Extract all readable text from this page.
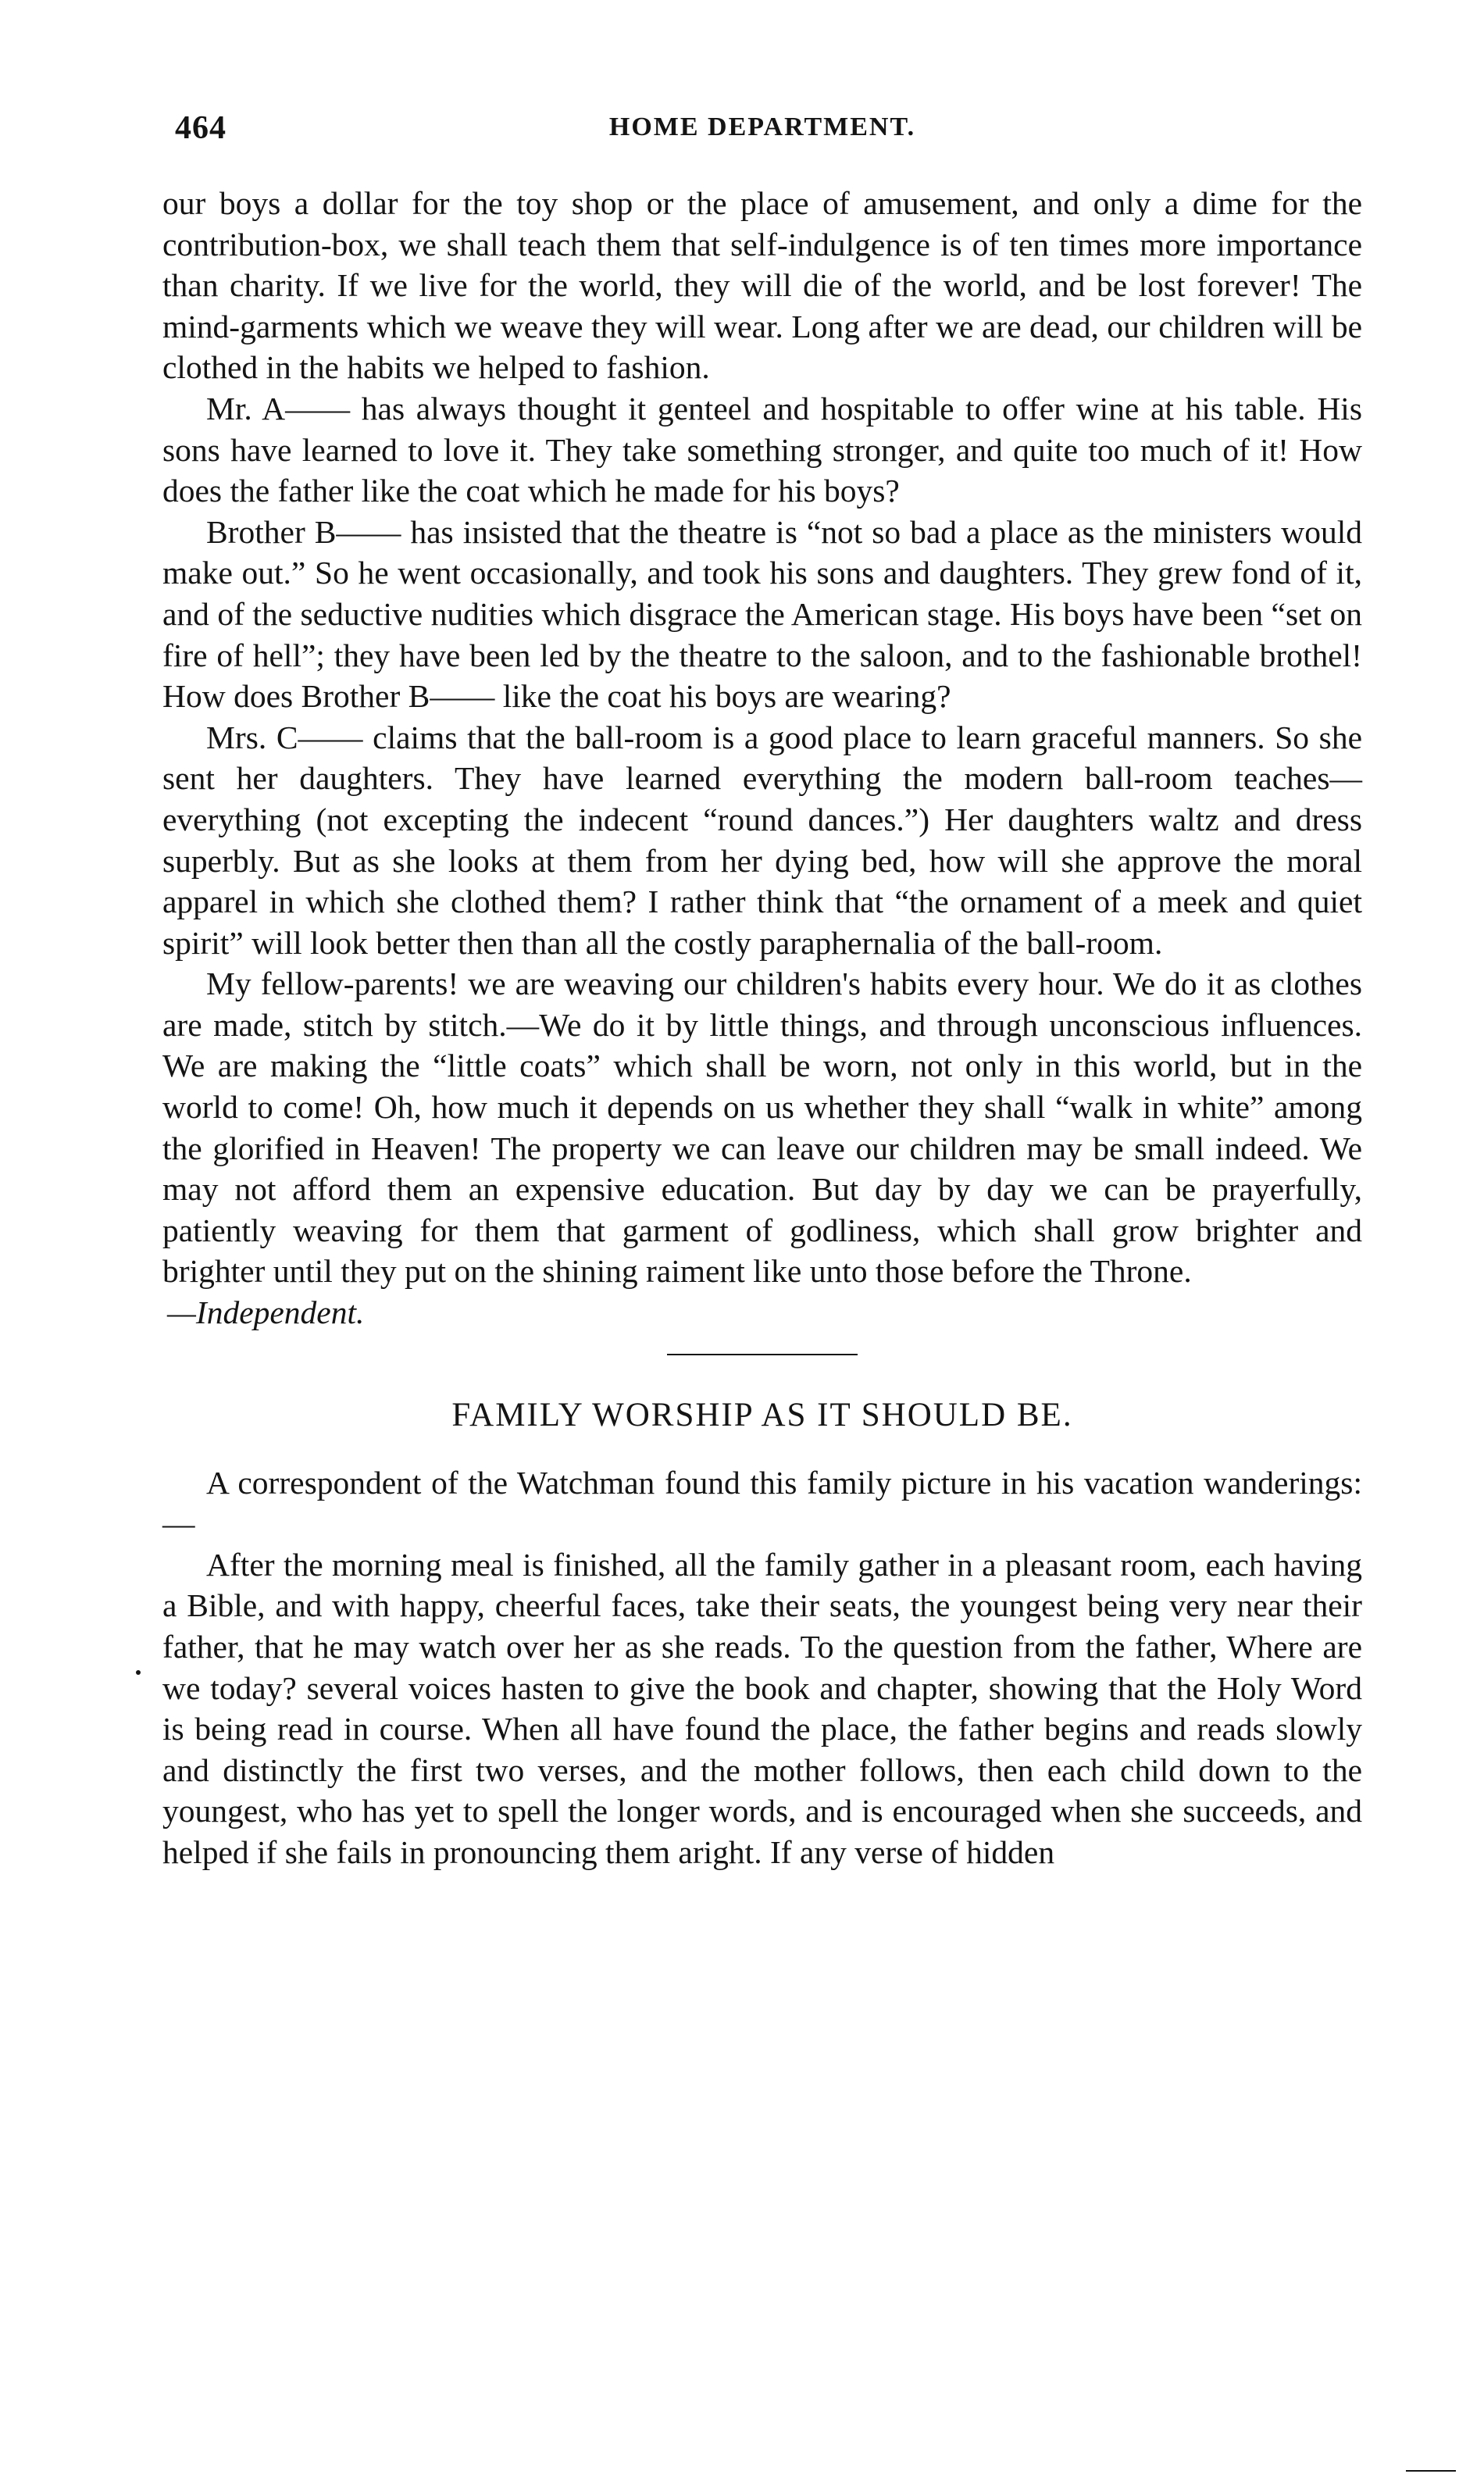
464	HOME DEPARTMENT.

our boys a dollar for the toy shop or the place of amusement, and only a dime for the contribution-box, we shall teach them that self-indulgence is of ten times more importance than charity. If we live for the world, they will die of the world, and be lost forever! The mind-garments which we weave they will wear. Long after we are dead, our children will be clothed in the habits we helped to fashion.

Mr. A—— has always thought it genteel and hospitable to offer wine at his table. His sons have learned to love it. They take something stronger, and quite too much of it! How does the father like the coat which he made for his boys?

Brother B—— has insisted that the theatre is “not so bad a place as the ministers would make out.” So he went occasionally, and took his sons and daughters. They grew fond of it, and of the seductive nudities which disgrace the American stage. His boys have been “set on fire of hell”; they have been led by the theatre to the saloon, and to the fashionable brothel! How does Brother B—— like the coat his boys are wearing?

Mrs. C—— claims that the ball-room is a good place to learn graceful manners. So she sent her daughters. They have learned everything the modern ball-room teaches—everything (not excepting the indecent “round dances.”) Her daughters waltz and dress superbly. But as she looks at them from her dying bed, how will she approve the moral apparel in which she clothed them? I rather think that “the ornament of a meek and quiet spirit” will look better then than all the costly paraphernalia of the ball-room.

My fellow-parents! we are weaving our children's habits every hour. We do it as clothes are made, stitch by stitch.—We do it by little things, and through unconscious influences. We are making the “little coats” which shall be worn, not only in this world, but in the world to come! Oh, how much it depends on us whether they shall “walk in white” among the glorified in Heaven! The property we can leave our children may be small indeed. We may not afford them an expensive education. But day by day we can be prayerfully, patiently weaving for them that garment of godliness, which shall grow brighter and brighter until they put on the shining raiment like unto those before the Throne.

—Independent.

FAMILY WORSHIP AS IT SHOULD BE.

A correspondent of the Watchman found this family picture in his vacation wanderings:—

After the morning meal is finished, all the family gather in a pleasant room, each having a Bible, and with happy, cheerful faces, take their seats, the youngest being very near their father, that he may watch over her as she reads. To the question from the father, Where are we today? several voices hasten to give the book and chapter, showing that the Holy Word is being read in course. When all have found the place, the father begins and reads slowly and distinctly the first two verses, and the mother follows, then each child down to the youngest, who has yet to spell the longer words, and is encouraged when she succeeds, and helped if she fails in pronouncing them aright. If any verse of hidden
